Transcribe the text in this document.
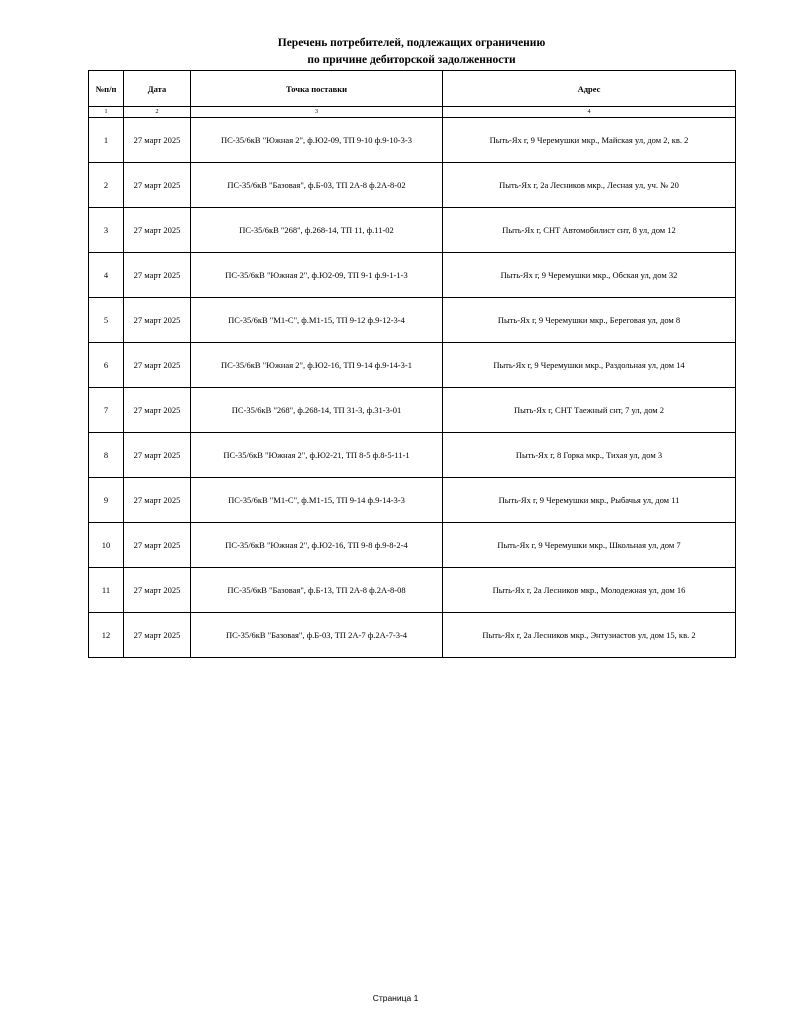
Перечень потребителей, подлежащих ограничению
по причине дебиторской задолженности
№п/п	Дата	Точка поставки	Адрес
1	2	3	4
1	27 март 2025	ПС-35/6кВ "Южная 2", ф.Ю2-09, ТП 9-10 ф.9-10-3-3	Пыть-Ях г, 9 Черемушки мкр., Майская ул, дом 2, кв. 2
2	27 март 2025	ПС-35/6кВ "Базовая", ф.Б-03, ТП 2А-8 ф.2А-8-02	Пыть-Ях г, 2а Лесников мкр., Лесная ул, уч. № 20
3	27 март 2025	ПС-35/6кВ "268", ф.268-14, ТП 11, ф.11-02	Пыть-Ях г, СНТ Автомобилист снт, 8 ул, дом 12
4	27 март 2025	ПС-35/6кВ "Южная 2", ф.Ю2-09, ТП 9-1 ф.9-1-1-3	Пыть-Ях г, 9 Черемушки мкр., Обская ул, дом 32
5	27 март 2025	ПС-35/6кВ "М1-С", ф.М1-15, ТП 9-12 ф.9-12-3-4	Пыть-Ях г, 9 Черемушки мкр., Береговая ул, дом 8
6	27 март 2025	ПС-35/6кВ "Южная 2", ф.Ю2-16, ТП 9-14 ф.9-14-3-1	Пыть-Ях г, 9 Черемушки мкр., Раздольная ул, дом 14
7	27 март 2025	ПС-35/6кВ "268", ф.268-14, ТП 31-3, ф.31-3-01	Пыть-Ях г, СНТ Таежный снт, 7 ул, дом 2
8	27 март 2025	ПС-35/6кВ "Южная 2", ф.Ю2-21, ТП 8-5 ф.8-5-11-1	Пыть-Ях г, 8 Горка мкр., Тихая ул, дом 3
9	27 март 2025	ПС-35/6кВ "М1-С", ф.М1-15, ТП 9-14 ф.9-14-3-3	Пыть-Ях г, 9 Черемушки мкр., Рыбачья ул, дом 11
10	27 март 2025	ПС-35/6кВ "Южная 2", ф.Ю2-16, ТП 9-8 ф.9-8-2-4	Пыть-Ях г, 9 Черемушки мкр., Школьная ул, дом 7
11	27 март 2025	ПС-35/6кВ "Базовая", ф.Б-13, ТП 2А-8 ф.2А-8-08	Пыть-Ях г, 2а Лесников мкр., Молодежная ул, дом 16
12	27 март 2025	ПС-35/6кВ "Базовая", ф.Б-03, ТП 2А-7 ф.2А-7-3-4	Пыть-Ях г, 2а Лесников мкр., Энтузиастов ул, дом 15, кв. 2
Страница 1
